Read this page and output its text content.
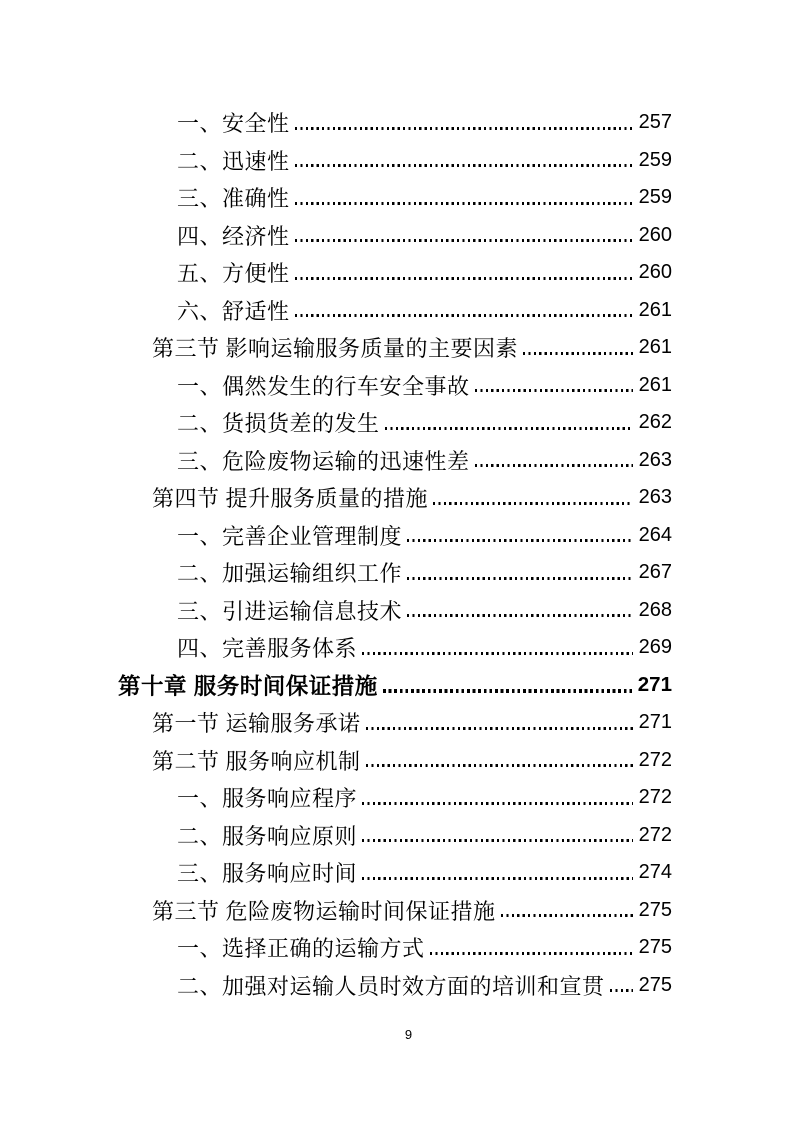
一、安全性	257
二、迅速性	259
三、准确性	259
四、经济性	260
五、方便性	260
六、舒适性	261
第三节 影响运输服务质量的主要因素	261
一、偶然发生的行车安全事故	261
二、货损货差的发生	262
三、危险废物运输的迅速性差	263
第四节 提升服务质量的措施	263
一、完善企业管理制度	264
二、加强运输组织工作	267
三、引进运输信息技术	268
四、完善服务体系	269
第十章 服务时间保证措施	271
第一节 运输服务承诺	271
第二节 服务响应机制	272
一、服务响应程序	272
二、服务响应原则	272
三、服务响应时间	274
第三节 危险废物运输时间保证措施	275
一、选择正确的运输方式	275
二、加强对运输人员时效方面的培训和宣贯 275
9
